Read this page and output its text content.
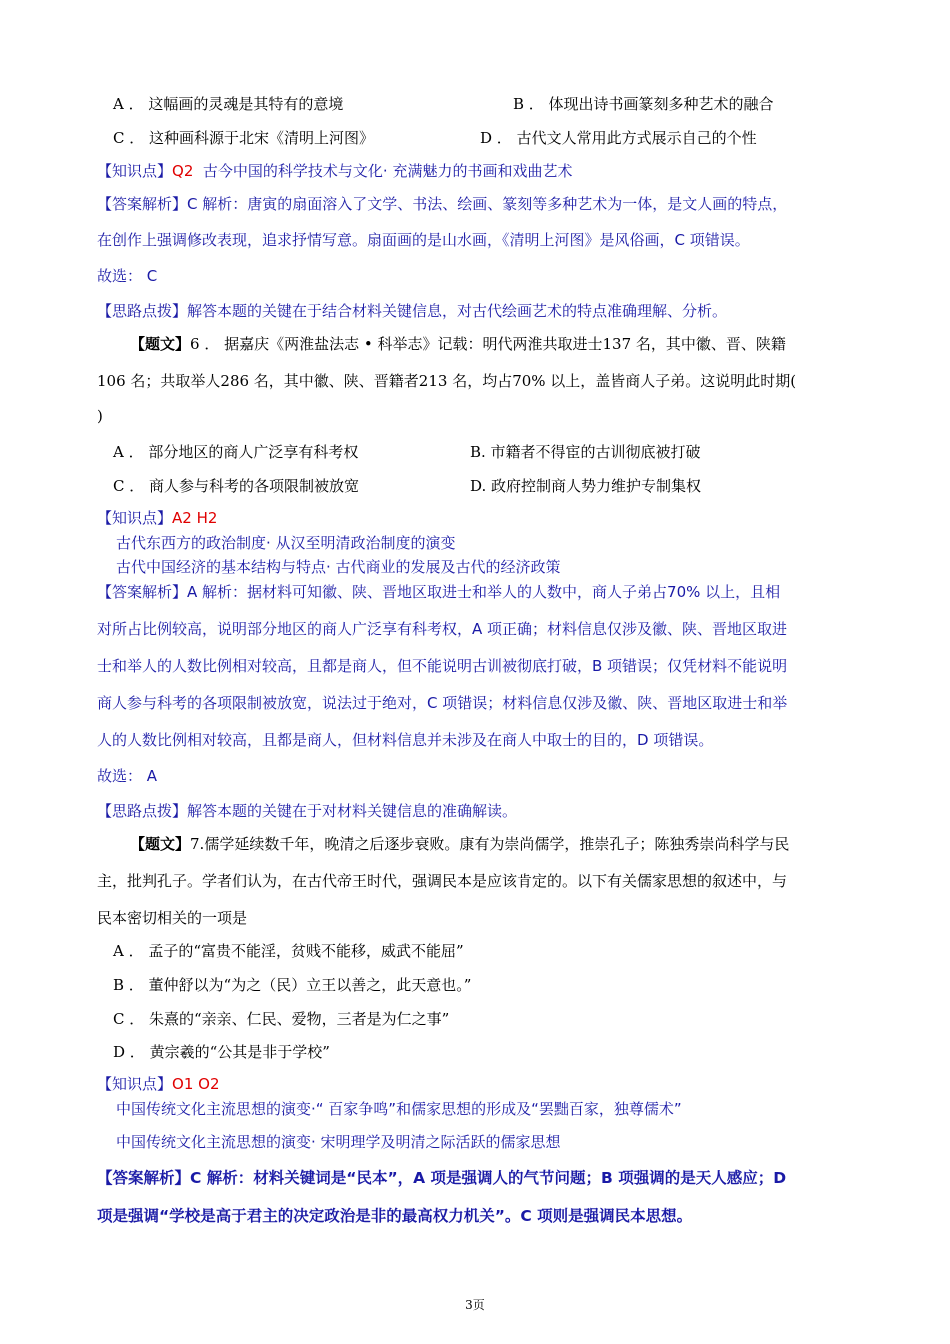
A ． 这幅画的灵魂是其特有的意境	B ． 体现出诗书画篆刻多种艺术的融合
C ． 这种画科源于北宋《清明上河图》	D ． 古代文人常用此方式展示自己的个性
【知识点】Q2 古今中国的科学技术与文化· 充满魅力的书画和戏曲艺术
【答案解析】C 解析：唐寅的扇面溶入了文学、书法、绘画、篆刻等多种艺术为一体，是文人画的特点，
在创作上强调修改表现，追求抒情写意。扇面画的是山水画，《清明上河图》是风俗画，C 项错误。
故选： C
【思路点拨】解答本题的关键在于结合材料关键信息，对古代绘画艺术的特点准确理解、分析。
【题文】6 ． 据嘉庆《两淮盐法志 • 科举志》记载：明代两淮共取进士137 名，其中徽、晋、陕籍
106 名；共取举人286 名，其中徽、陕、晋籍者213 名，均占70% 以上，盖皆商人子弟。这说明此时期(
)
A ． 部分地区的商人广泛享有科考权	B. 市籍者不得宦的古训彻底被打破
C ． 商人参与科考的各项限制被放宽	D. 政府控制商人势力维护专制集权
【知识点】A2 H2
古代东西方的政治制度· 从汉至明清政治制度的演变
古代中国经济的基本结构与特点· 古代商业的发展及古代的经济政策
【答案解析】A 解析：据材料可知徽、陕、晋地区取进士和举人的人数中，商人子弟占70% 以上，且相
对所占比例较高，说明部分地区的商人广泛享有科考权，A 项正确；材料信息仅涉及徽、陕、晋地区取进
士和举人的人数比例相对较高，且都是商人，但不能说明古训被彻底打破，B 项错误；仅凭材料不能说明
商人参与科考的各项限制被放宽，说法过于绝对，C 项错误；材料信息仅涉及徽、陕、晋地区取进士和举
人的人数比例相对较高，且都是商人，但材料信息并未涉及在商人中取士的目的，D 项错误。
故选： A
【思路点拨】解答本题的关键在于对材料关键信息的准确解读。
【题文】7.儒学延续数千年，晚清之后逐步衰败。康有为崇尚儒学，推崇孔子；陈独秀崇尚科学与民
主，批判孔子。学者们认为，在古代帝王时代，强调民本是应该肯定的。以下有关儒家思想的叙述中，与
民本密切相关的一项是
A ． 孟子的“富贵不能淫，贫贱不能移，威武不能屈”
B ． 董仲舒以为“为之（民）立王以善之，此天意也。”
C ． 朱熹的“亲亲、仁民、爱物，三者是为仁之事”
D ． 黄宗羲的“公其是非于学校”
【知识点】O1 O2
中国传统文化主流思想的演变·“ 百家争鸣”和儒家思想的形成及“罢黜百家，独尊儒术”
中国传统文化主流思想的演变· 宋明理学及明清之际活跃的儒家思想
【答案解析】C 解析：材料关键词是“民本”，A 项是强调人的气节问题；B 项强调的是天人感应；D
项是强调“学校是高于君主的决定政治是非的最高权力机关”。C 项则是强调民本思想。
3页
